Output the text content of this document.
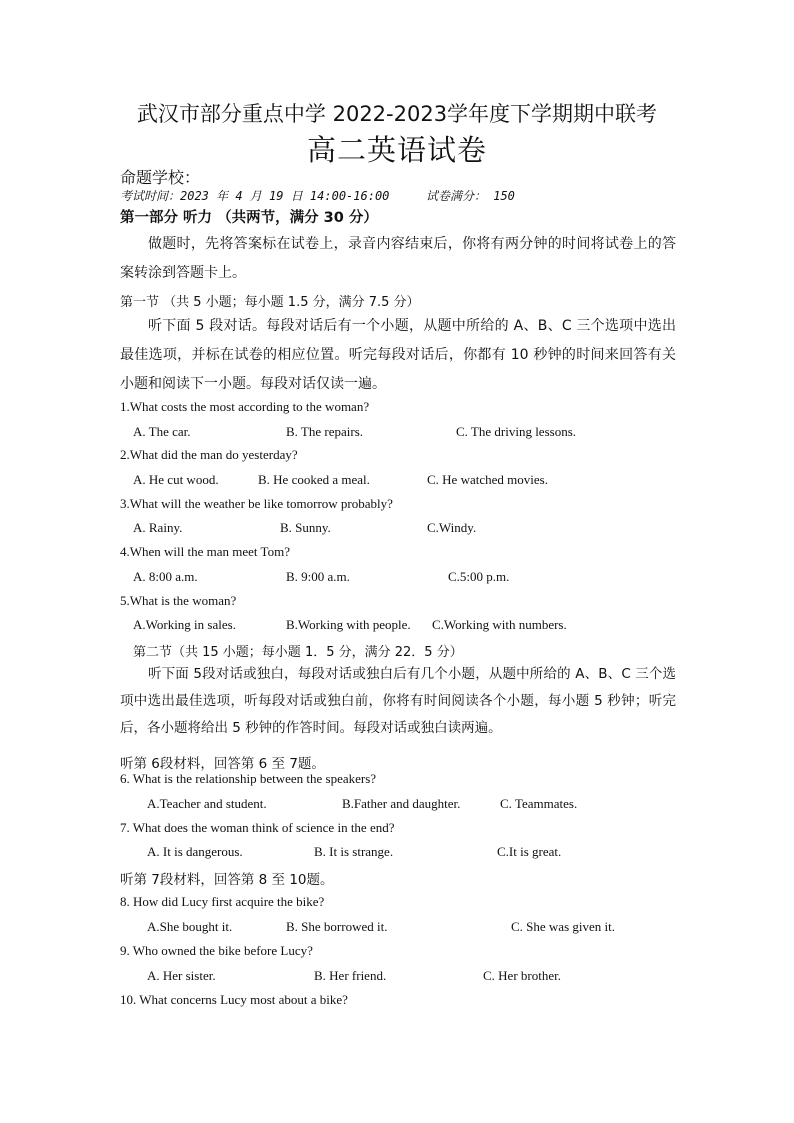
武汉市部分重点中学 2022-2023学年度下学期期中联考
高二英语试卷
命题学校：
考试时间：2023 年 4 月 19 日 14:00-16:00	试卷满分： 150
第一部分 听力 （共两节，满分 30 分）
做题时，先将答案标在试卷上，录音内容结束后，你将有两分钟的时间将试卷上的答案转涂到答题卡上。
第一节 （共 5 小题；每小题 1.5 分，满分 7.5 分）
听下面 5 段对话。每段对话后有一个小题，从题中所给的 A、B、C 三个选项中选出最佳选项，并标在试卷的相应位置。听完每段对话后，你都有 10 秒钟的时间来回答有关小题和阅读下一小题。每段对话仅读一遍。
1.What costs the most according to the woman?
A. The car.	B. The repairs.	C. The driving lessons.
2.What did the man do yesterday?
A. He cut wood.	B. He cooked a meal.	C. He watched movies.
3.What will the weather be like tomorrow probably?
A. Rainy.	B. Sunny.	C.Windy.
4.When will the man meet Tom?
A. 8:00 a.m.	B. 9:00 a.m.	C.5:00 p.m.
5.What is the woman?
A.Working in sales.	B.Working with people. C.Working with numbers.
第二节（共 15 小题；每小题 1．5 分，满分 22．5 分）
听下面 5段对话或独白，每段对话或独白后有几个小题，从题中所给的 A、B、C 三个选项中选出最佳选项，听每段对话或独白前，你将有时间阅读各个小题，每小题 5 秒钟；听完后，各小题将给出 5 秒钟的作答时间。每段对话或独白读两遍。
听第 6段材料，回答第 6 至 7题。
6. What is the relationship between the speakers?
A.Teacher and student.	B.Father and daughter.	C. Teammates.
7. What does the woman think of science in the end?
A. It is dangerous.	B. It is strange.	C.It is great.
听第 7段材料，回答第 8 至 10题。
8. How did Lucy first acquire the bike?
A.She bought it.	B. She borrowed it.	C. She was given it.
9. Who owned the bike before Lucy?
A. Her sister.	B. Her friend.	C. Her brother.
10. What concerns Lucy most about a bike?
